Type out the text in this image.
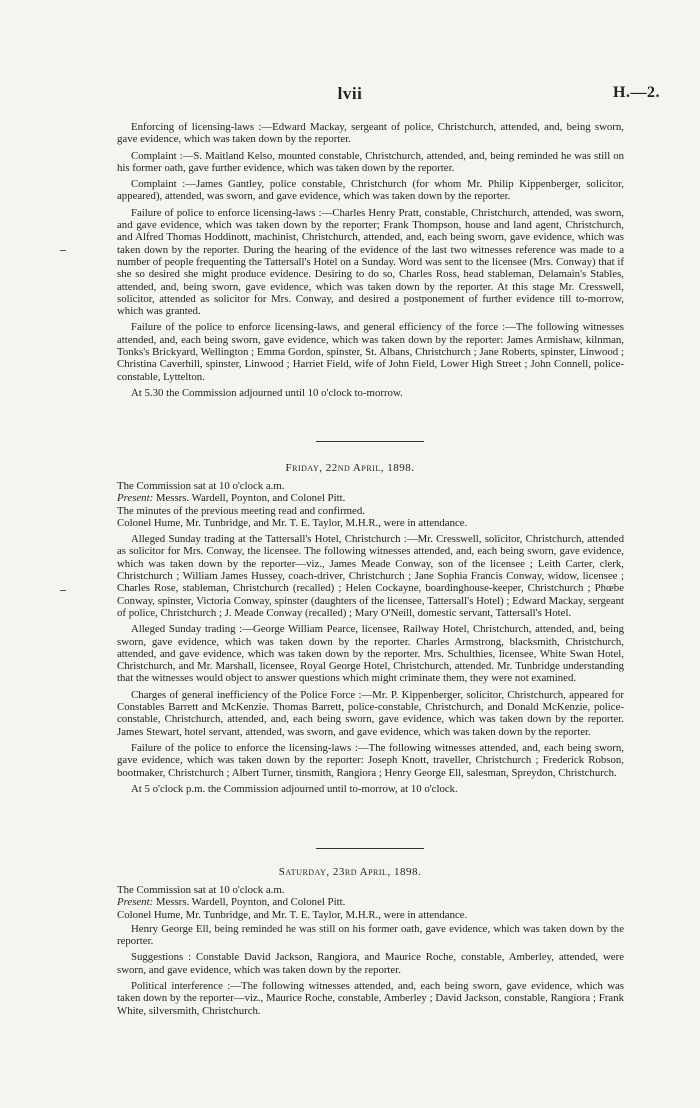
lvii	H.—2.

Enforcing of licensing-laws :—Edward Mackay, sergeant of police, Christchurch, attended, and, being sworn, gave evidence, which was taken down by the reporter.

Complaint :—S. Maitland Kelso, mounted constable, Christchurch, attended, and, being reminded he was still on his former oath, gave further evidence, which was taken down by the reporter.

Complaint :—James Gantley, police constable, Christchurch (for whom Mr. Philip Kippenberger, solicitor, appeared), attended, was sworn, and gave evidence, which was taken down by the reporter.

Failure of police to enforce licensing-laws :—Charles Henry Pratt, constable, Christchurch, attended, was sworn, and gave evidence, which was taken down by the reporter; Frank Thompson, house and land agent, Christchurch, and Alfred Thomas Hoddinott, machinist, Christchurch, attended, and, each being sworn, gave evidence, which was taken down by the reporter. During the hearing of the evidence of the last two witnesses reference was made to a number of people frequenting the Tattersall's Hotel on a Sunday. Word was sent to the licensee (Mrs. Conway) that if she so desired she might produce evidence. Desiring to do so, Charles Ross, head stableman, Delamain's Stables, attended, and, being sworn, gave evidence, which was taken down by the reporter. At this stage Mr. Cresswell, solicitor, attended as solicitor for Mrs. Conway, and desired a postponement of further evidence till to-morrow, which was granted.

Failure of the police to enforce licensing-laws, and general efficiency of the force :—The following witnesses attended, and, each being sworn, gave evidence, which was taken down by the reporter: James Armishaw, kilnman, Tonks's Brickyard, Wellington ; Emma Gordon, spinster, St. Albans, Christchurch ; Jane Roberts, spinster, Linwood ; Christina Caverhill, spinster, Linwood ; Harriet Field, wife of John Field, Lower High Street ; John Connell, police-constable, Lyttelton.

At 5.30 the Commission adjourned until 10 o'clock to-morrow.

Friday, 22nd April, 1898.

The Commission sat at 10 o'clock a.m.

Present: Messrs. Wardell, Poynton, and Colonel Pitt.

The minutes of the previous meeting read and confirmed.

Colonel Hume, Mr. Tunbridge, and Mr. T. E. Taylor, M.H.R., were in attendance.

Alleged Sunday trading at the Tattersall's Hotel, Christchurch :—Mr. Cresswell, solicitor, Christchurch, attended as solicitor for Mrs. Conway, the licensee. The following witnesses attended, and, each being sworn, gave evidence, which was taken down by the reporter—viz., James Meade Conway, son of the licensee ; Leith Carter, clerk, Christchurch ; William James Hussey, coach-driver, Christchurch ; Jane Sophia Francis Conway, widow, licensee ; Charles Rose, stableman, Christchurch (recalled) ; Helen Cockayne, boardinghouse-keeper, Christchurch ; Phœbe Conway, spinster, Victoria Conway, spinster (daughters of the licensee, Tattersall's Hotel) ; Edward Mackay, sergeant of police, Christchurch ; J. Meade Conway (recalled) ; Mary O'Neill, domestic servant, Tattersall's Hotel.

Alleged Sunday trading :—George William Pearce, licensee, Railway Hotel, Christchurch, attended, and, being sworn, gave evidence, which was taken down by the reporter. Charles Armstrong, blacksmith, Christchurch, attended, and gave evidence, which was taken down by the reporter. Mrs. Schulthies, licensee, White Swan Hotel, Christchurch, and Mr. Marshall, licensee, Royal George Hotel, Christchurch, attended. Mr. Tunbridge understanding that the witnesses would object to answer questions which might criminate them, they were not examined.

Charges of general inefficiency of the Police Force :—Mr. P. Kippenberger, solicitor, Christchurch, appeared for Constables Barrett and McKenzie. Thomas Barrett, police-constable, Christchurch, and Donald McKenzie, police-constable, Christchurch, attended, and, each being sworn, gave evidence, which was taken down by the reporter. James Stewart, hotel servant, attended, was sworn, and gave evidence, which was taken down by the reporter.

Failure of the police to enforce the licensing-laws :—The following witnesses attended, and, each being sworn, gave evidence, which was taken down by the reporter: Joseph Knott, traveller, Christchurch ; Frederick Robson, bootmaker, Christchurch ; Albert Turner, tinsmith, Rangiora ; Henry George Ell, salesman, Spreydon, Christchurch.

At 5 o'clock p.m. the Commission adjourned until to-morrow, at 10 o'clock.

Saturday, 23rd April, 1898.

The Commission sat at 10 o'clock a.m.

Present: Messrs. Wardell, Poynton, and Colonel Pitt.

Colonel Hume, Mr. Tunbridge, and Mr. T. E. Taylor, M.H.R., were in attendance.

Henry George Ell, being reminded he was still on his former oath, gave evidence, which was taken down by the reporter.

Suggestions : Constable David Jackson, Rangiora, and Maurice Roche, constable, Amberley, attended, were sworn, and gave evidence, which was taken down by the reporter.

Political interference :—The following witnesses attended, and, each being sworn, gave evidence, which was taken down by the reporter—viz., Maurice Roche, constable, Amberley ; David Jackson, constable, Rangiora ; Frank White, silversmith, Christchurch.
